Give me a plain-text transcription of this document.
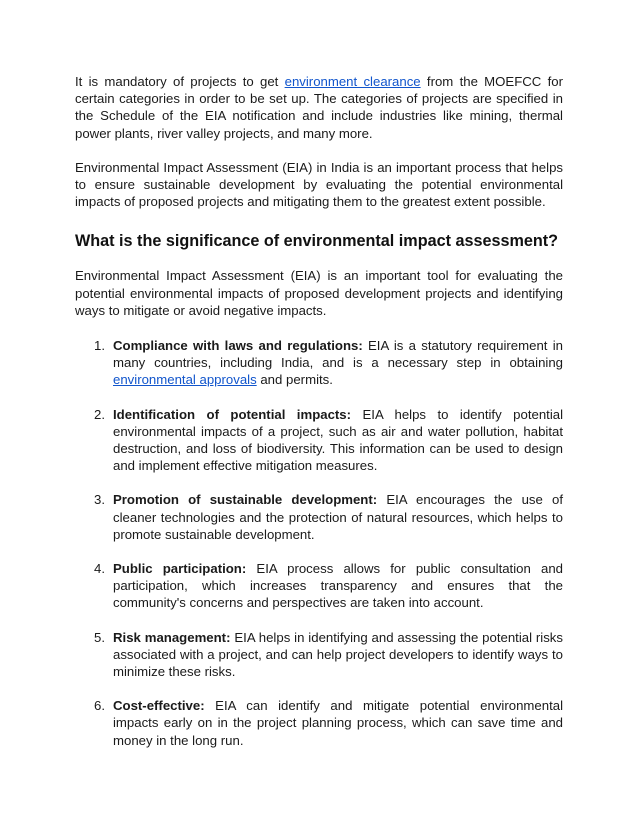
It is mandatory of projects to get environment clearance from the MOEFCC for certain categories in order to be set up. The categories of projects are specified in the Schedule of the EIA notification and include industries like mining, thermal power plants, river valley projects, and many more.

Environmental Impact Assessment (EIA) in India is an important process that helps to ensure sustainable development by evaluating the potential environmental impacts of proposed projects and mitigating them to the greatest extent possible.

What is the significance of environmental impact assessment?

Environmental Impact Assessment (EIA) is an important tool for evaluating the potential environmental impacts of proposed development projects and identifying ways to mitigate or avoid negative impacts.

1. Compliance with laws and regulations: EIA is a statutory requirement in many countries, including India, and is a necessary step in obtaining environmental approvals and permits.
2. Identification of potential impacts: EIA helps to identify potential environmental impacts of a project, such as air and water pollution, habitat destruction, and loss of biodiversity. This information can be used to design and implement effective mitigation measures.
3. Promotion of sustainable development: EIA encourages the use of cleaner technologies and the protection of natural resources, which helps to promote sustainable development.
4. Public participation: EIA process allows for public consultation and participation, which increases transparency and ensures that the community's concerns and perspectives are taken into account.
5. Risk management: EIA helps in identifying and assessing the potential risks associated with a project, and can help project developers to identify ways to minimize these risks.
6. Cost-effective: EIA can identify and mitigate potential environmental impacts early on in the project planning process, which can save time and money in the long run.
